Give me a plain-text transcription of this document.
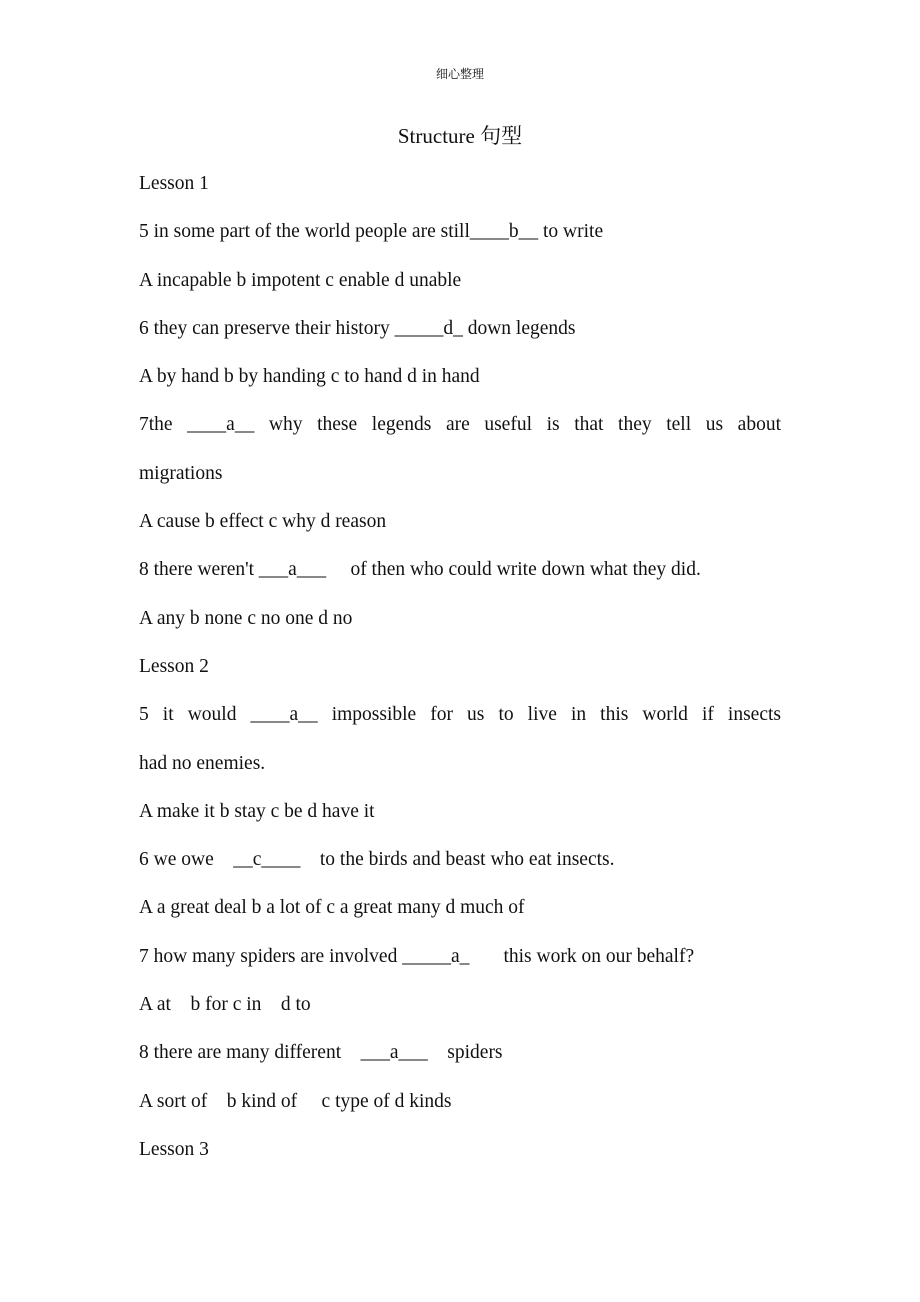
细心整理
Structure 句型
Lesson 1
5 in some part of the world people are still____b__ to write
A incapable b impotent c enable d unable
6 they can preserve their history _____d_ down legends
A by hand b by handing c to hand d in hand
7the ____a__ why these legends are useful is that they tell us about
migrations
A cause b effect c why d reason
8 there weren't ___a___     of then who could write down what they did.
A any b none c no one d no
Lesson 2
5 it would ____a__ impossible for us to live in this world if insects
had no enemies.
A make it b stay c be d have it
6 we owe    __c____    to the birds and beast who eat insects.
A a great deal b a lot of c a great many d much of
7 how many spiders are involved _____a_       this work on our behalf?
A at    b for c in    d to
8 there are many different    ___a___    spiders
A sort of    b kind of     c type of d kinds
Lesson 3
